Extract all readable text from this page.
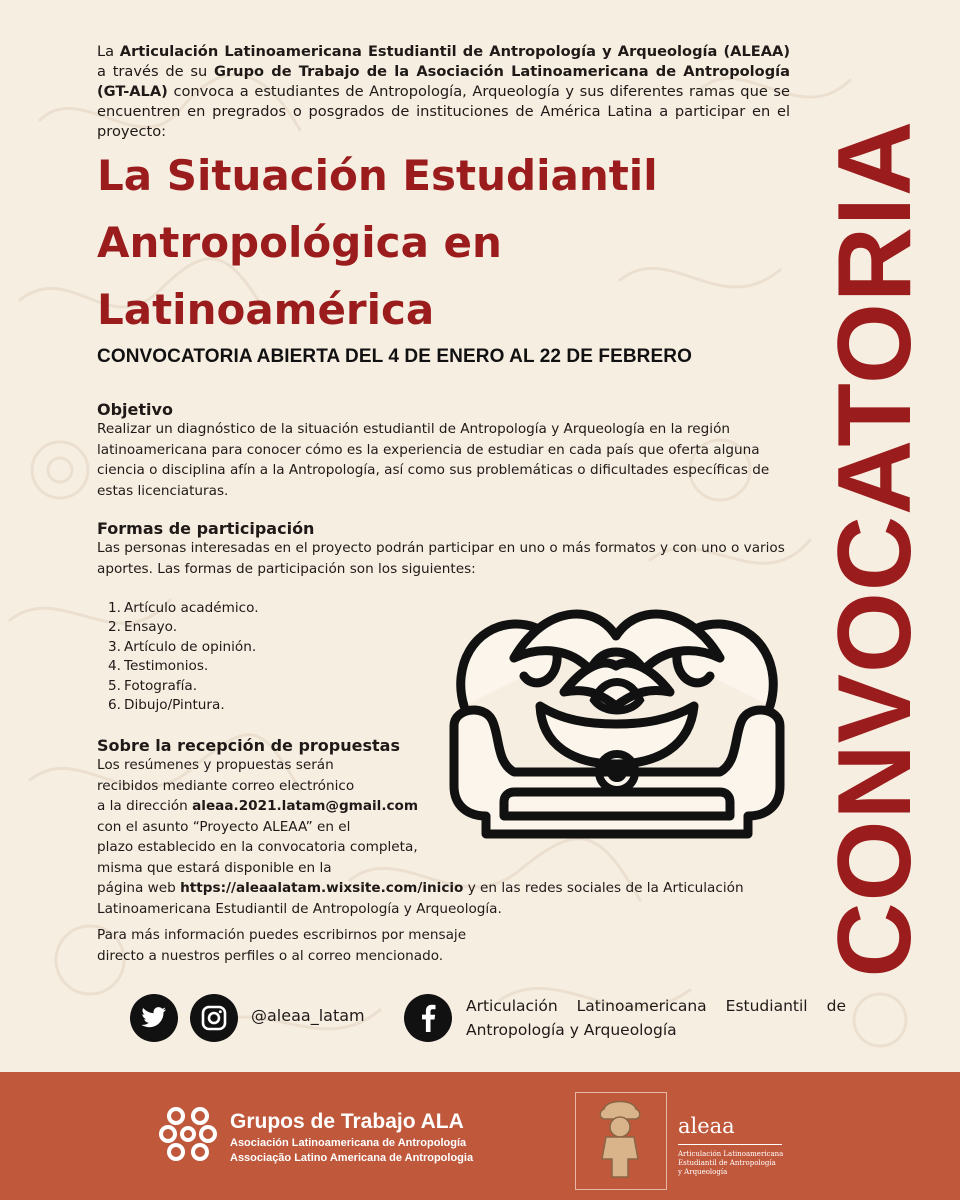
La Articulación Latinoamericana Estudiantil de Antropología y Arqueología (ALEAA) a través de su Grupo de Trabajo de la Asociación Latinoamericana de Antropología (GT-ALA) convoca a estudiantes de Antropología, Arqueología y sus diferentes ramas que se encuentren en pregrados o posgrados de instituciones de América Latina a participar en el proyecto:

La Situación Estudiantil
Antropológica en
Latinoamérica

CONVOCATORIA ABIERTA DEL 4 DE ENERO AL 22 DE FEBRERO

Objetivo

Realizar un diagnóstico de la situación estudiantil de Antropología y Arqueología en la región latinoamericana para conocer cómo es la experiencia de estudiar en cada país que oferta alguna ciencia o disciplina afín a la Antropología, así como sus problemáticas o dificultades específicas de estas licenciaturas.

Formas de participación

Las personas interesadas en el proyecto podrán participar en uno o más formatos y con uno o varios aportes. Las formas de participación son los siguientes:

1. Artículo académico.
2. Ensayo.
3. Artículo de opinión.
4. Testimonios.
5. Fotografía.
6. Dibujo/Pintura.

Sobre la recepción de propuestas

Los resúmenes y propuestas serán
recibidos mediante correo electrónico
a la dirección aleaa.2021.latam@gmail.com
con el asunto “Proyecto ALEAA” en el
plazo establecido en la convocatoria completa,
misma que estará disponible en la
página web https://aleaalatam.wixsite.com/inicio y en las redes sociales de la Articulación
Latinoamericana Estudiantil de Antropología y Arqueología.

Para más información puedes escribirnos por mensaje
directo a nuestros perfiles o al correo mencionado.	CONVOCATORIA
@aleaa_latam	Articulación Latinoamericana Estudiantil de Antropología y Arqueología
Grupos de Trabajo ALA
Asociación Latinoamericana de Antropología
Associação Latino Americana de Antropologia
aleaa
Articulación Latinoamericana
Estudiantil de Antropología
y Arqueología
